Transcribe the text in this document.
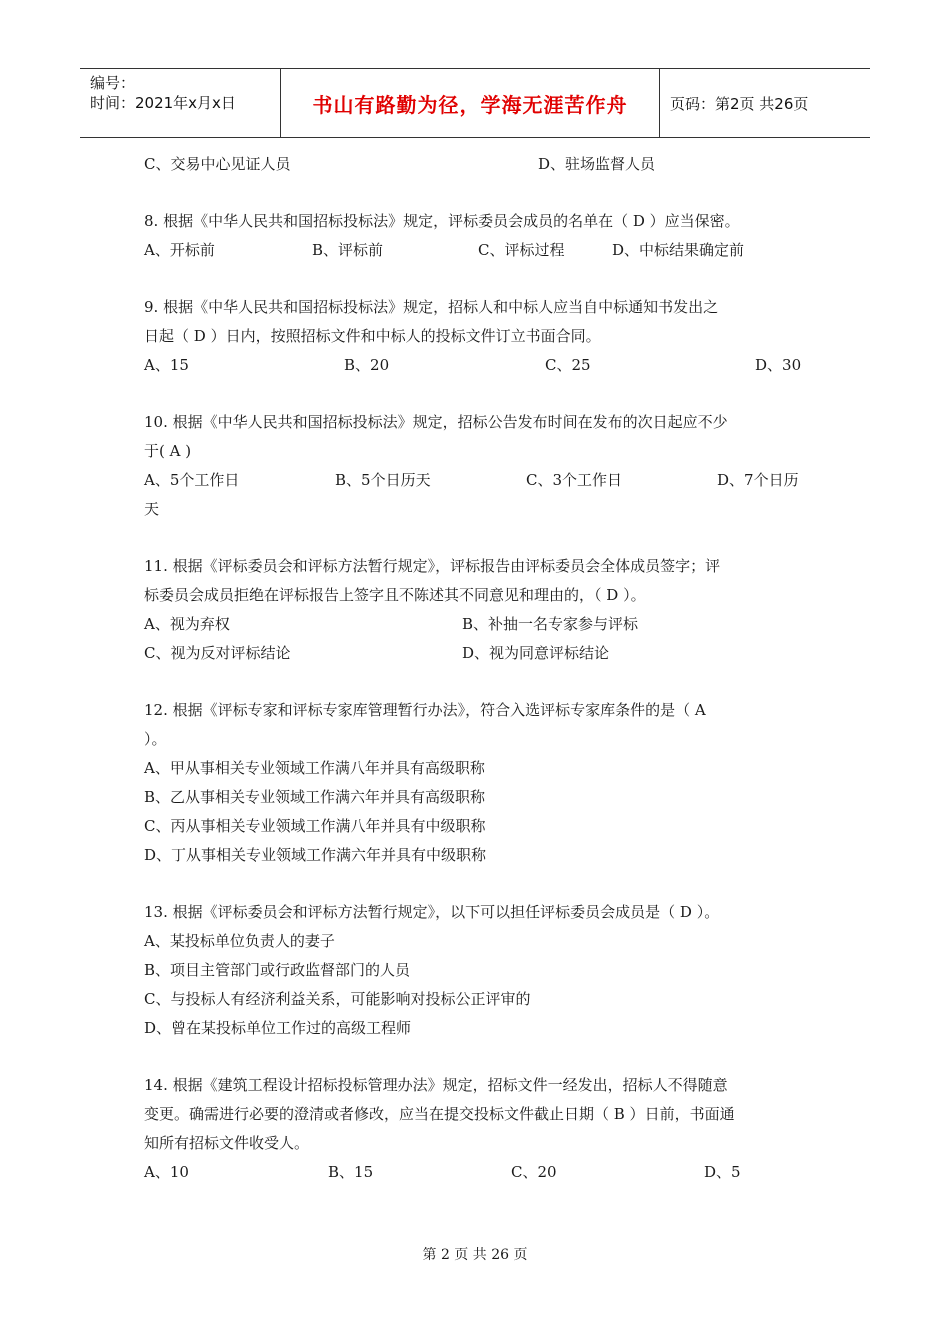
编号：
时间：2021年x月x日	书山有路勤为径，学海无涯苦作舟	页码：第2页 共26页
C、交易中心见证人员	D、驻场监督人员
8. 根据《中华人民共和国招标投标法》规定，评标委员会成员的名单在（ D ）应当保密。
A、开标前	B、评标前	C、评标过程	D、中标结果确定前
9. 根据《中华人民共和国招标投标法》规定，招标人和中标人应当自中标通知书发出之
日起（ D ）日内，按照招标文件和中标人的投标文件订立书面合同。
A、15	B、20	C、25	D、30
10. 根据《中华人民共和国招标投标法》规定，招标公告发布时间在发布的次日起应不少
于( A )
A、5个工作日	B、5个日历天	C、3个工作日	D、7个日历
天
11. 根据《评标委员会和评标方法暂行规定》，评标报告由评标委员会全体成员签字；评
标委员会成员拒绝在评标报告上签字且不陈述其不同意见和理由的，（ D ）。
A、视为弃权	B、补抽一名专家参与评标
C、视为反对评标结论	D、视为同意评标结论
12. 根据《评标专家和评标专家库管理暂行办法》，符合入选评标专家库条件的是（ A
）。
A、甲从事相关专业领域工作满八年并具有高级职称
B、乙从事相关专业领域工作满六年并具有高级职称
C、丙从事相关专业领域工作满八年并具有中级职称
D、丁从事相关专业领域工作满六年并具有中级职称
13. 根据《评标委员会和评标方法暂行规定》，以下可以担任评标委员会成员是（ D ）。
A、某投标单位负责人的妻子
B、项目主管部门或行政监督部门的人员
C、与投标人有经济利益关系，可能影响对投标公正评审的
D、曾在某投标单位工作过的高级工程师
14. 根据《建筑工程设计招标投标管理办法》规定，招标文件一经发出，招标人不得随意
变更。确需进行必要的澄清或者修改，应当在提交投标文件截止日期（ B ）日前，书面通
知所有招标文件收受人。
A、10	B、15	C、20	D、5
第 2 页 共 26 页
